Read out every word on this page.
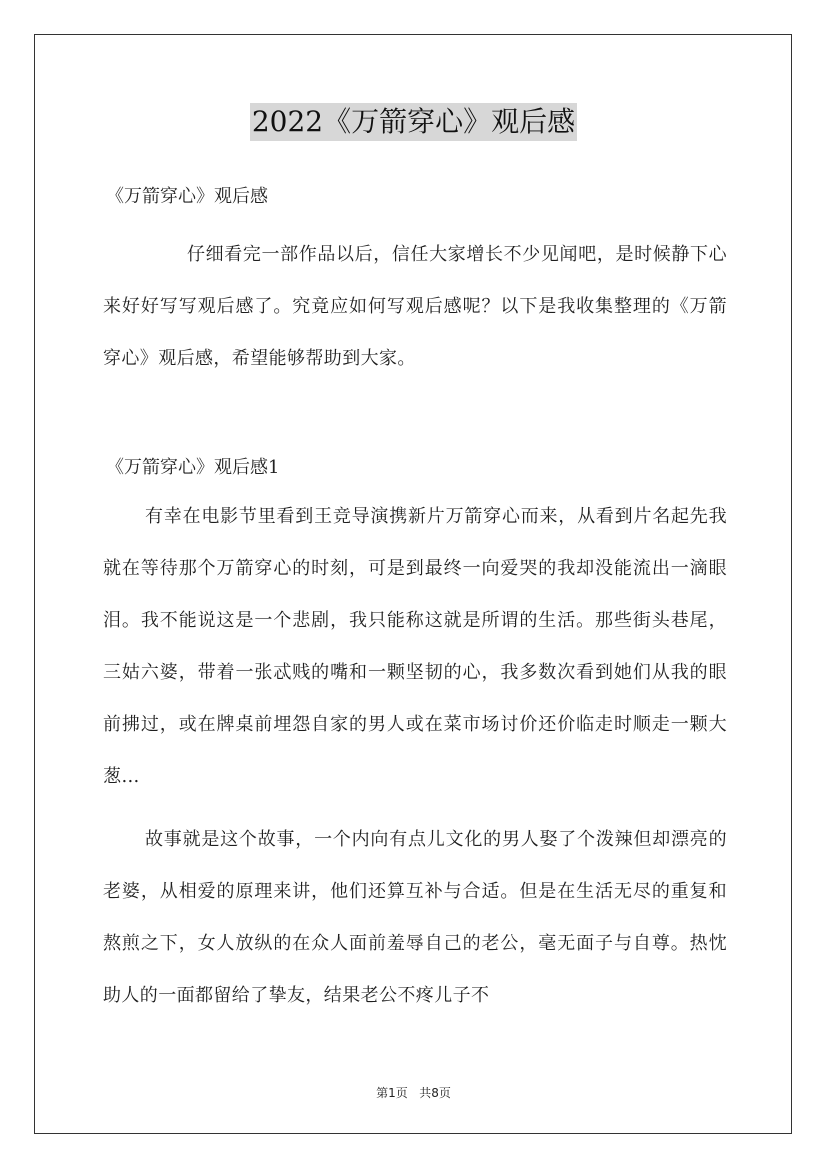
2022《万箭穿心》观后感
《万箭穿心》观后感

仔细看完一部作品以后，信任大家增长不少见闻吧，是时候静下心来好好写写观后感了。究竟应如何写观后感呢？以下是我收集整理的《万箭穿心》观后感，希望能够帮助到大家。

《万箭穿心》观后感1

有幸在电影节里看到王竞导演携新片万箭穿心而来，从看到片名起先我就在等待那个万箭穿心的时刻，可是到最终一向爱哭的我却没能流出一滴眼泪。我不能说这是一个悲剧，我只能称这就是所谓的生活。那些街头巷尾，三姑六婆，带着一张忒贱的嘴和一颗坚韧的心，我多数次看到她们从我的眼前拂过，或在牌桌前埋怨自家的男人或在菜市场讨价还价临走时顺走一颗大葱…

故事就是这个故事，一个内向有点儿文化的男人娶了个泼辣但却漂亮的老婆，从相爱的原理来讲，他们还算互补与合适。但是在生活无尽的重复和熬煎之下，女人放纵的在众人面前羞辱自己的老公，毫无面子与自尊。热忱助人的一面都留给了挚友，结果老公不疼儿子不

第1页 共8页
